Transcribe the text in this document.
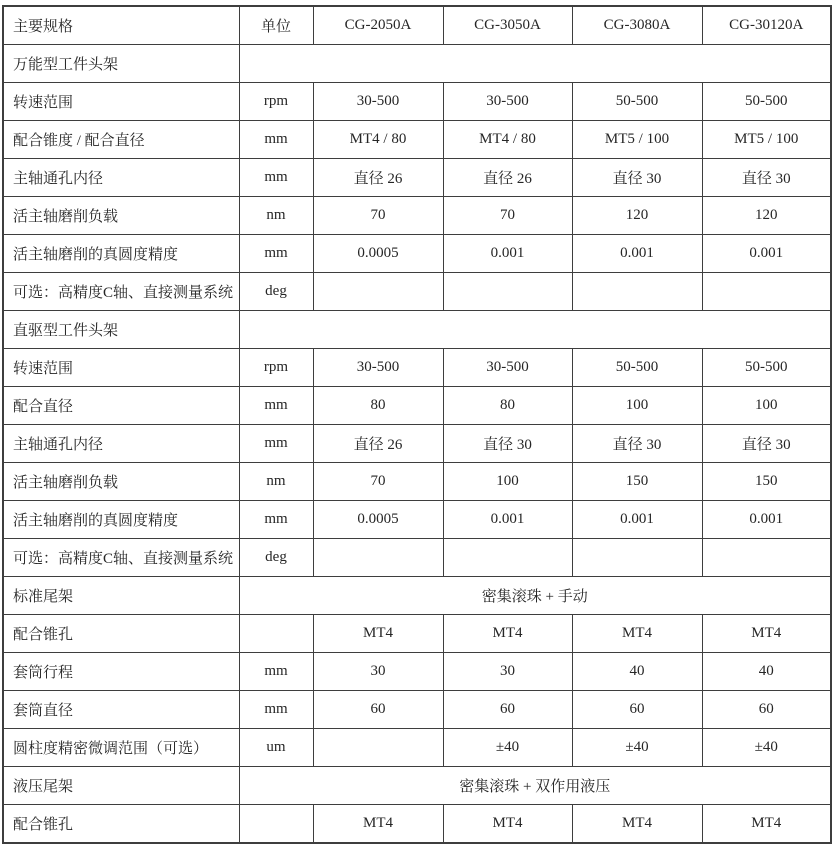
主要规格	单位	CG-2050A	CG-3050A	CG-3080A	CG-30120A
万能型工件头架					
转速范围	rpm	30-500	30-500	50-500	50-500
配合锥度 / 配合直径	mm	MT4 / 80	MT4 / 80	MT5 / 100	MT5 / 100
主轴通孔内径	mm	直径 26	直径 26	直径 30	直径 30
活主轴磨削负载	nm	70	70	120	120
活主轴磨削的真圆度精度	mm	0.0005	0.001	0.001	0.001
可选：高精度C轴、直接测量系统	deg				
直驱型工件头架					
转速范围	rpm	30-500	30-500	50-500	50-500
配合直径	mm	80	80	100	100
主轴通孔内径	mm	直径 26	直径 30	直径 30	直径 30
活主轴磨削负载	nm	70	100	150	150
活主轴磨削的真圆度精度	mm	0.0005	0.001	0.001	0.001
可选：高精度C轴、直接测量系统	deg				
标准尾架	密集滚珠 + 手动				
配合锥孔		MT4	MT4	MT4	MT4
套筒行程	mm	30	30	40	40
套筒直径	mm	60	60	60	60
圆柱度精密微调范围（可选）	um		±40	±40	±40
液压尾架	密集滚珠 + 双作用液压				
配合锥孔		MT4	MT4	MT4	MT4
